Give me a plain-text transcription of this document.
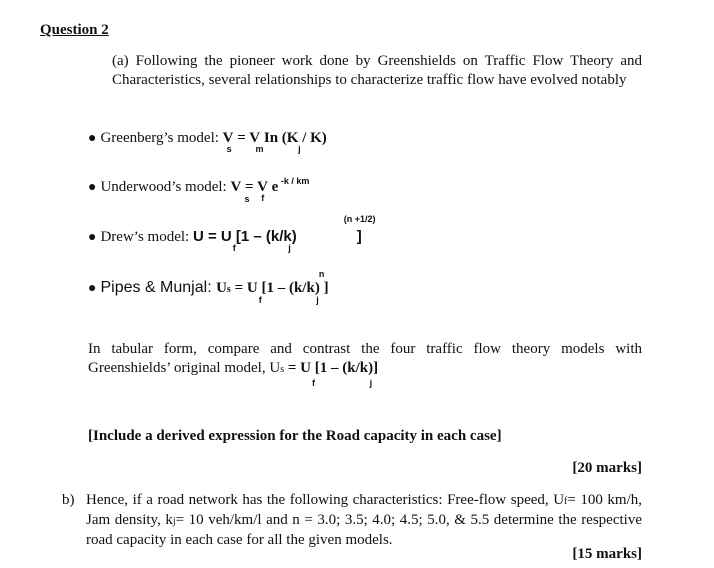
Question 2
(a) Following the pioneer work done by Greenshields on Traffic Flow Theory and Characteristics, several relationships to characterize traffic flow have evolved notably
● Greenberg’s model: V
s
= V
m
In (K
j
/ K)
● Underwood’s model: V
s
= V
f
e -k / km
● Drew’s model: U = U
f
[1 – (k/k)
j
(n +1/2)
]
● Pipes & Munjal: Us = U
f
[1 – (k/k
j
)
n
]
In tabular form, compare and contrast the four traffic flow theory models with Greenshields’ original model, Us = U
f
[1 – (k/k
j
)]
[Include a derived expression for the Road capacity in each case]
[20 marks]
b) Hence, if a road network has the following characteristics: Free-flow speed, Uf= 100 km/h, Jam density, kj= 10 veh/km/l and n = 3.0; 3.5; 4.0; 4.5; 5.0, & 5.5 determine the respective road capacity in each case for all the given models.
[15 marks]
